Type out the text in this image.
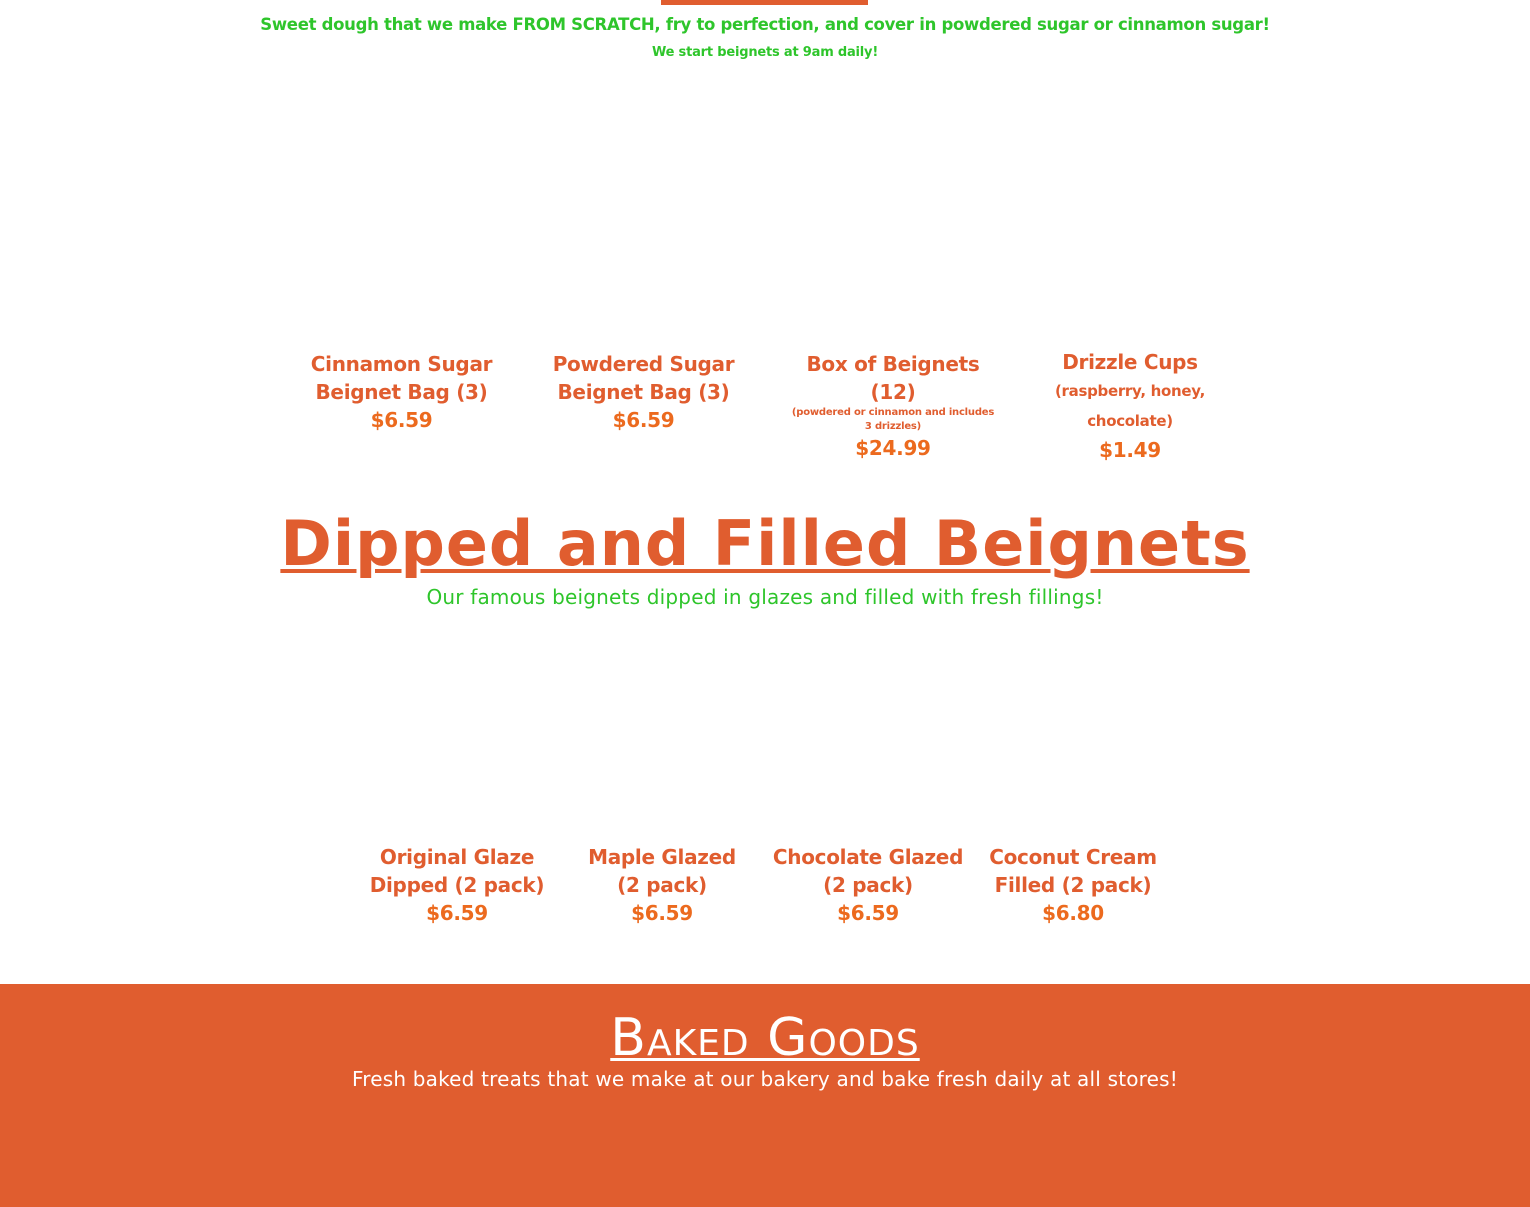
Sweet dough that we make FROM SCRATCH, fry to perfection, and cover in powdered sugar or cinnamon sugar!

We start beignets at 9am daily!

Cinnamon Sugar
Beignet Bag (3)
$6.59
Powdered Sugar
Beignet Bag (3)
$6.59
Box of Beignets (12)
(powdered or cinnamon and includes 3 drizzles)
$24.99
Drizzle Cups
(raspberry, honey, chocolate)
$1.49
Dipped and Filled Beignets

Our famous beignets dipped in glazes and filled with fresh fillings!

Original Glaze
Dipped (2 pack)
$6.59
Maple Glazed
(2 pack)
$6.59
Chocolate Glazed
(2 pack)
$6.59
Coconut Cream
Filled (2 pack)
$6.80
Baked Goods
Fresh baked treats that we make at our bakery and bake fresh daily at all stores!
